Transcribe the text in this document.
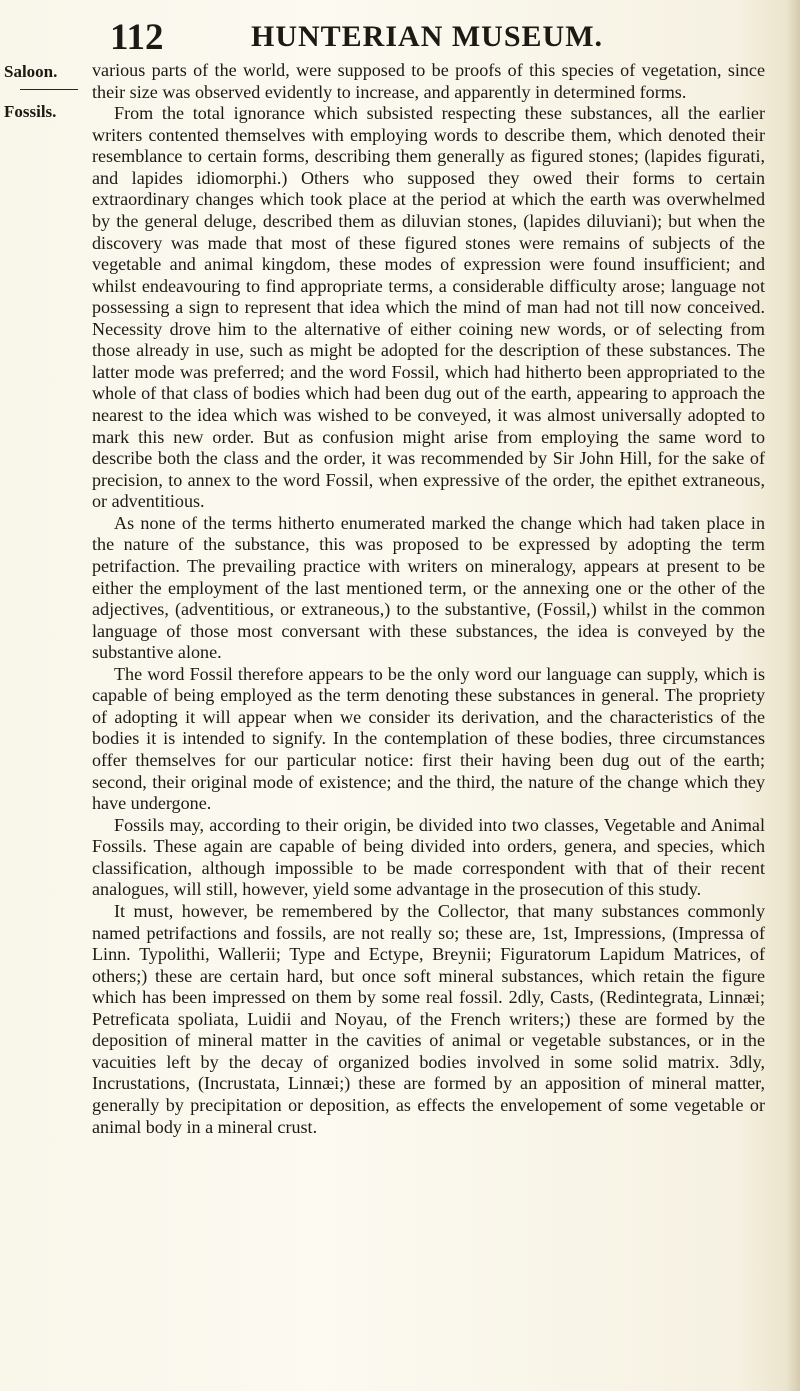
112	HUNTERIAN MUSEUM.
Saloon.
Fossils.

various parts of the world, were supposed to be proofs of this species of vegetation, since their size was observed evidently to increase, and apparently in determined forms.

From the total ignorance which subsisted respecting these substances, all the earlier writers contented themselves with employing words to describe them, which denoted their resemblance to certain forms, describing them generally as figured stones; (lapides figurati, and lapides idiomorphi.) Others who supposed they owed their forms to certain extraordinary changes which took place at the period at which the earth was overwhelmed by the general deluge, described them as diluvian stones, (lapides diluviani); but when the discovery was made that most of these figured stones were remains of subjects of the vegetable and animal kingdom, these modes of expression were found insufficient; and whilst endeavouring to find appropriate terms, a considerable difficulty arose; language not possessing a sign to represent that idea which the mind of man had not till now conceived. Necessity drove him to the alternative of either coining new words, or of selecting from those already in use, such as might be adopted for the description of these substances. The latter mode was preferred; and the word Fossil, which had hitherto been appropriated to the whole of that class of bodies which had been dug out of the earth, appearing to approach the nearest to the idea which was wished to be conveyed, it was almost universally adopted to mark this new order. But as confusion might arise from employing the same word to describe both the class and the order, it was recommended by Sir John Hill, for the sake of precision, to annex to the word Fossil, when expressive of the order, the epithet extraneous, or adventitious.

As none of the terms hitherto enumerated marked the change which had taken place in the nature of the substance, this was proposed to be expressed by adopting the term petrifaction. The prevailing practice with writers on mineralogy, appears at present to be either the employment of the last mentioned term, or the annexing one or the other of the adjectives, (adventitious, or extraneous,) to the substantive, (Fossil,) whilst in the common language of those most conversant with these substances, the idea is conveyed by the substantive alone.

The word Fossil therefore appears to be the only word our language can supply, which is capable of being employed as the term denoting these substances in general. The propriety of adopting it will appear when we consider its derivation, and the characteristics of the bodies it is intended to signify. In the contemplation of these bodies, three circumstances offer themselves for our particular notice: first their having been dug out of the earth; second, their original mode of existence; and the third, the nature of the change which they have undergone.

Fossils may, according to their origin, be divided into two classes, Vegetable and Animal Fossils. These again are capable of being divided into orders, genera, and species, which classification, although impossible to be made correspondent with that of their recent analogues, will still, however, yield some advantage in the prosecution of this study.

It must, however, be remembered by the Collector, that many substances commonly named petrifactions and fossils, are not really so; these are, 1st, Impressions, (Impressa of Linn. Typolithi, Wallerii; Type and Ectype, Breynii; Figuratorum Lapidum Matrices, of others;) these are certain hard, but once soft mineral substances, which retain the figure which has been impressed on them by some real fossil. 2dly, Casts, (Redintegrata, Linnæi; Petreficata spoliata, Luidii and Noyau, of the French writers;) these are formed by the deposition of mineral matter in the cavities of animal or vegetable substances, or in the vacuities left by the decay of organized bodies involved in some solid matrix. 3dly, Incrustations, (Incrustata, Linnæi;) these are formed by an apposition of mineral matter, generally by precipitation or deposition, as effects the envelopement of some vegetable or animal body in a mineral crust.
